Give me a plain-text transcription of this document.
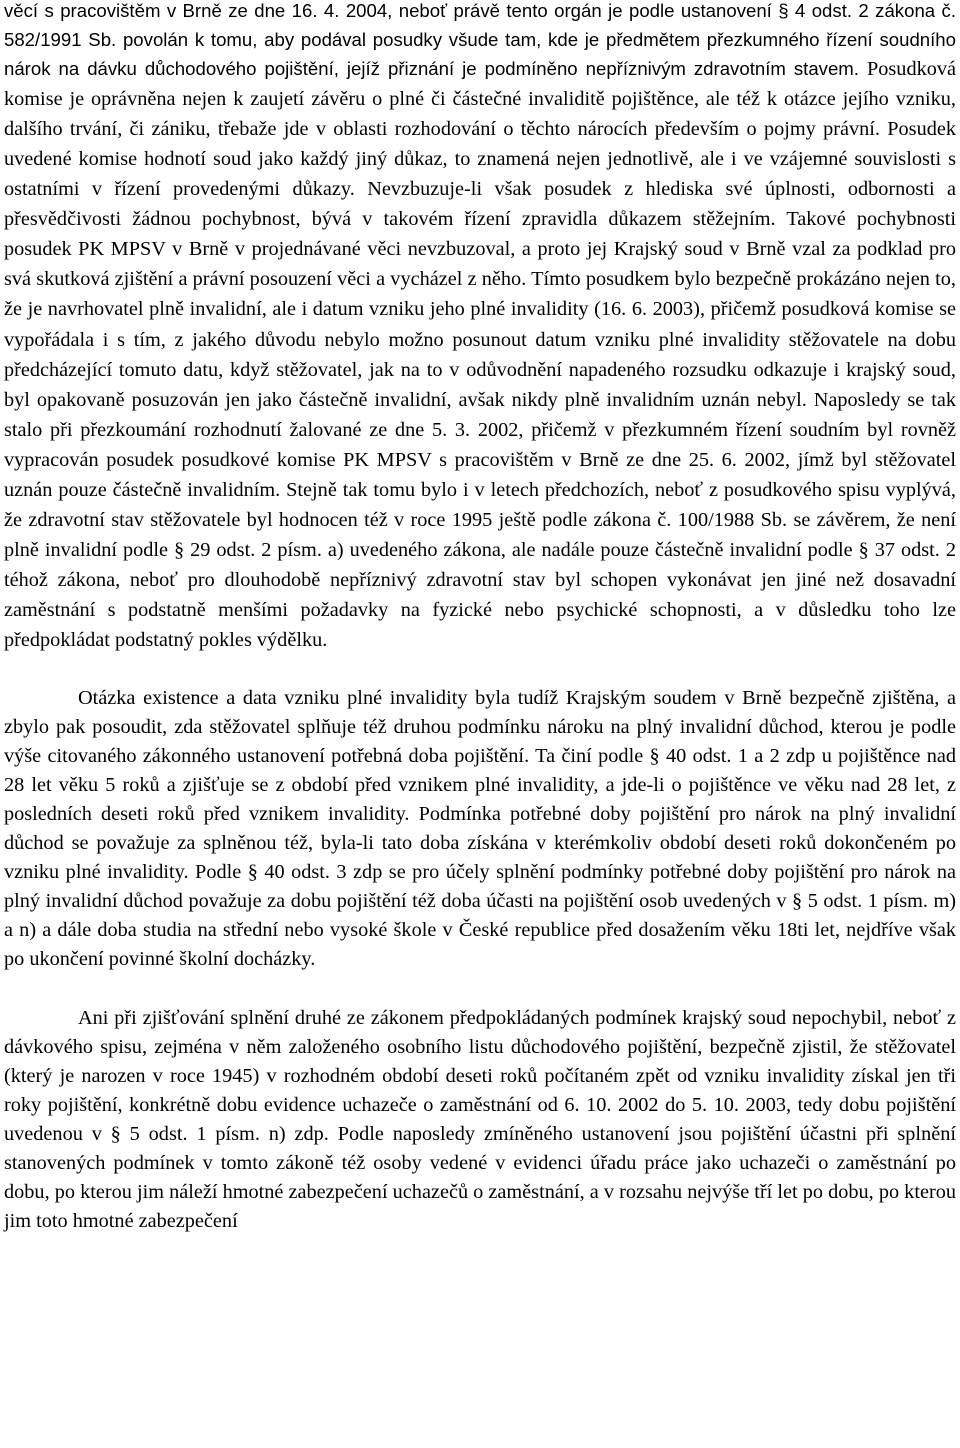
věcí s pracovištěm v Brně ze dne 16. 4. 2004, neboť právě tento orgán je podle ustanovení § 4 odst. 2 zákona č. 582/1991 Sb. povolán k tomu, aby podával posudky všude tam, kde je předmětem přezkumného řízení soudního nárok na dávku důchodového pojištění, jejíž přiznání je podmíněno nepříznivým zdravotním stavem. Posudková komise je oprávněna nejen k zaujetí závěru o plné či částečné invaliditě pojištěnce, ale též k otázce jejího vzniku, dalšího trvání, či zániku, třebaže jde v oblasti rozhodování o těchto nárocích především o pojmy právní. Posudek uvedené komise hodnotí soud jako každý jiný důkaz, to znamená nejen jednotlivě, ale i ve vzájemné souvislosti s ostatními v řízení provedenými důkazy. Nevzbuzuje-li však posudek z hlediska své úplnosti, odbornosti a přesvědčivosti žádnou pochybnost, bývá v takovém řízení zpravidla důkazem stěžejním. Takové pochybnosti posudek PK MPSV v Brně v projednávané věci nevzbuzoval, a proto jej Krajský soud v Brně vzal za podklad pro svá skutková zjištění a právní posouzení věci a vycházel z něho. Tímto posudkem bylo bezpečně prokázáno nejen to, že je navrhovatel plně invalidní, ale i datum vzniku jeho plné invalidity (16. 6. 2003), přičemž posudková komise se vypořádala i s tím, z jakého důvodu nebylo možno posunout datum vzniku plné invalidity stěžovatele na dobu předcházející tomuto datu, když stěžovatel, jak na to v odůvodnění napadeného rozsudku odkazuje i krajský soud, byl opakovaně posuzován jen jako částečně invalidní, avšak nikdy plně invalidním uznán nebyl. Naposledy se tak stalo při přezkoumání rozhodnutí žalované ze dne 5. 3. 2002, přičemž v přezkumném řízení soudním byl rovněž vypracován posudek posudkové komise PK MPSV s pracovištěm v Brně ze dne 25. 6. 2002, jímž byl stěžovatel uznán pouze částečně invalidním. Stejně tak tomu bylo i v letech předchozích, neboť z posudkového spisu vyplývá, že zdravotní stav stěžovatele byl hodnocen též v roce 1995 ještě podle zákona č. 100/1988 Sb. se závěrem, že není plně invalidní podle § 29 odst. 2 písm. a) uvedeného zákona, ale nadále pouze částečně invalidní podle § 37 odst. 2 téhož zákona, neboť pro dlouhodobě nepříznivý zdravotní stav byl schopen vykonávat jen jiné než dosavadní zaměstnání s podstatně menšími požadavky na fyzické nebo psychické schopnosti, a v důsledku toho lze předpokládat podstatný pokles výdělku.

Otázka existence a data vzniku plné invalidity byla tudíž Krajským soudem v Brně bezpečně zjištěna, a zbylo pak posoudit, zda stěžovatel splňuje též druhou podmínku nároku na plný invalidní důchod, kterou je podle výše citovaného zákonného ustanovení potřebná doba pojištění. Ta činí podle § 40 odst. 1 a 2 zdp u pojištěnce nad 28 let věku 5 roků a zjišťuje se z období před vznikem plné invalidity, a jde-li o pojištěnce ve věku nad 28 let, z posledních deseti roků před vznikem invalidity. Podmínka potřebné doby pojištění pro nárok na plný invalidní důchod se považuje za splněnou též, byla-li tato doba získána v kterémkoliv období deseti roků dokončeném po vzniku plné invalidity. Podle § 40 odst. 3 zdp se pro účely splnění podmínky potřebné doby pojištění pro nárok na plný invalidní důchod považuje za dobu pojištění též doba účasti na pojištění osob uvedených v § 5 odst. 1 písm. m) a n) a dále doba studia na střední nebo vysoké škole v České republice před dosažením věku 18ti let, nejdříve však po ukončení povinné školní docházky.

Ani při zjišťování splnění druhé ze zákonem předpokládaných podmínek krajský soud nepochybil, neboť z dávkového spisu, zejména v něm založeného osobního listu důchodového pojištění, bezpečně zjistil, že stěžovatel (který je narozen v roce 1945) v rozhodném období deseti roků počítaném zpět od vzniku invalidity získal jen tři roky pojištění, konkrétně dobu evidence uchazeče o zaměstnání od 6. 10. 2002 do 5. 10. 2003, tedy dobu pojištění uvedenou v § 5 odst. 1 písm. n) zdp. Podle naposledy zmíněného ustanovení jsou pojištění účastni při splnění stanovených podmínek v tomto zákoně též osoby vedené v evidenci úřadu práce jako uchazeči o zaměstnání po dobu, po kterou jim náleží hmotné zabezpečení uchazečů o zaměstnání, a v rozsahu nejvýše tří let po dobu, po kterou jim toto hmotné zabezpečení
